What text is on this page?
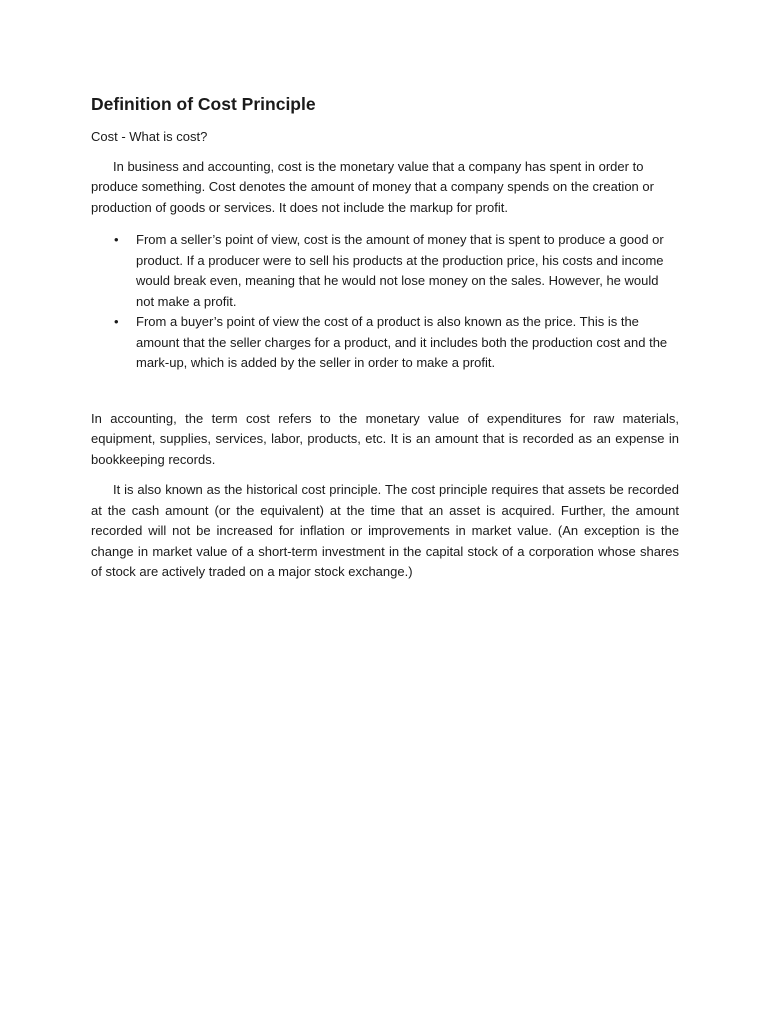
Definition of Cost Principle

Cost - What is cost?

In business and accounting, cost is the monetary value that a company has spent in order to produce something. Cost denotes the amount of money that a company spends on the creation or production of goods or services. It does not include the markup for profit.

• From a seller’s point of view, cost is the amount of money that is spent to produce a good or product. If a producer were to sell his products at the production price, his costs and income would break even, meaning that he would not lose money on the sales. However, he would not make a profit.
• From a buyer’s point of view the cost of a product is also known as the price. This is the amount that the seller charges for a product, and it includes both the production cost and the mark-up, which is added by the seller in order to make a profit.

In accounting, the term cost refers to the monetary value of expenditures for raw materials, equipment, supplies, services, labor, products, etc. It is an amount that is recorded as an expense in bookkeeping records.

It is also known as the historical cost principle. The cost principle requires that assets be recorded at the cash amount (or the equivalent) at the time that an asset is acquired. Further, the amount recorded will not be increased for inflation or improvements in market value. (An exception is the change in market value of a short-term investment in the capital stock of a corporation whose shares of stock are actively traded on a major stock exchange.)
